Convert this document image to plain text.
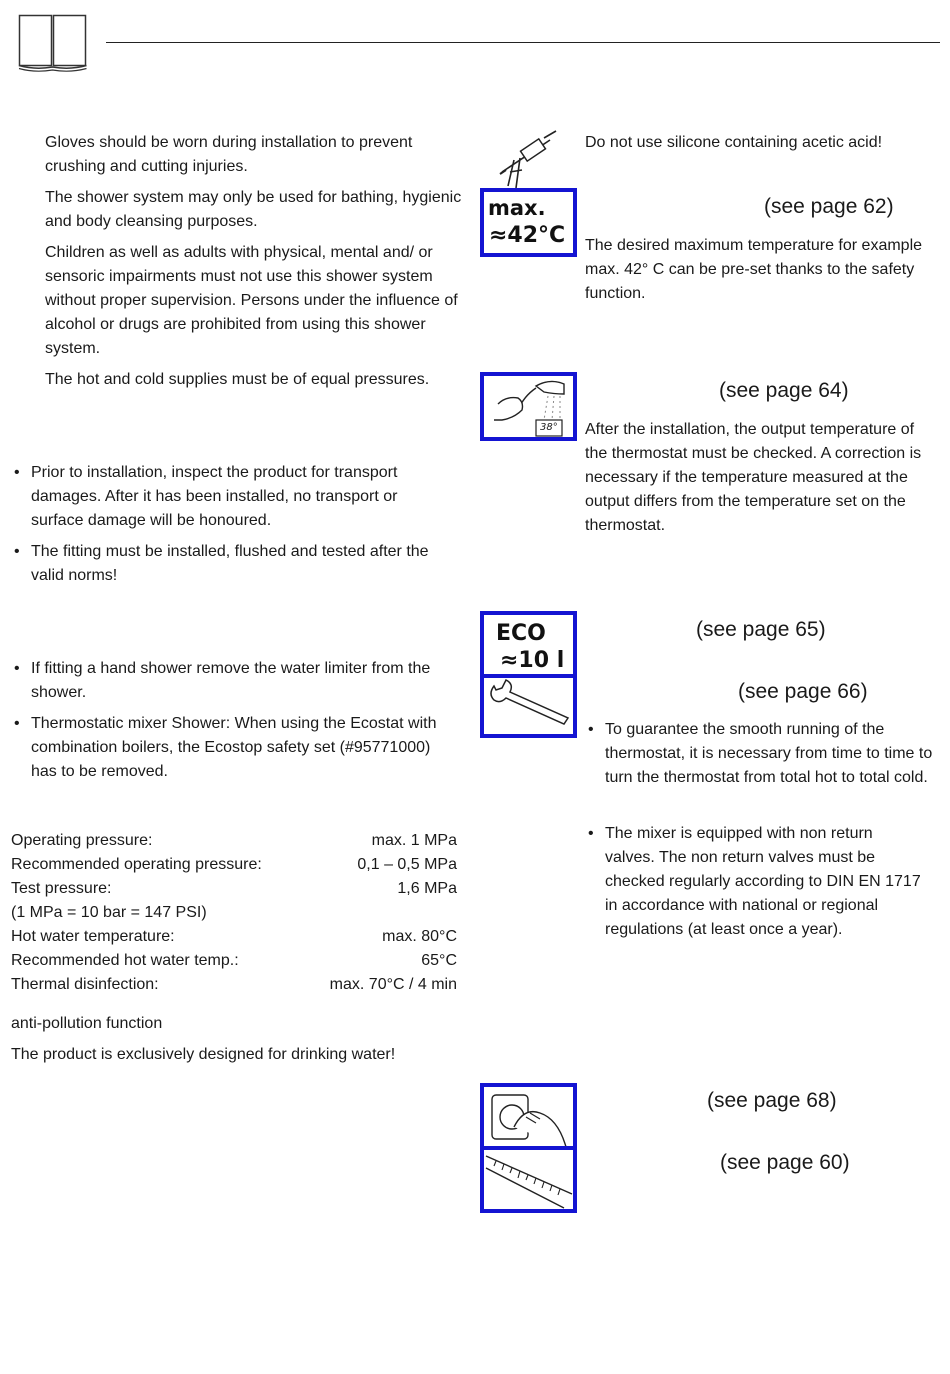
Gloves should be worn during installation to prevent crushing and cutting injuries.

The shower system may only be used for bathing, hygienic and body cleansing purposes.

Children as well as adults with physical, mental and/ or sensoric impairments must not use this shower system without proper supervision. Persons under the influence of alcohol or drugs are prohibited from using this shower system.

The hot and cold supplies must be of equal pressures.

• Prior to installation, inspect the product for transport damages. After it has been installed, no transport or surface damage will be honoured.

• The fitting must be installed, flushed and tested after the valid norms!

• If fitting a hand shower remove the water limiter from the shower.

• Thermostatic mixer Shower: When using the Ecostat with combination boilers, the Ecostop safety set (#95771000) has to be removed.

Operating pressure:	max. 1 MPa
Recommended operating pressure:	0,1 – 0,5 MPa
Test pressure:	1,6 MPa
(1 MPa = 10 bar = 147 PSI)
Hot water temperature:	max. 80°C
Recommended hot water temp.:	65°C
Thermal disinfection:	max. 70°C / 4 min

anti-pollution function

The product is exclusively designed for drinking water!

Do not use silicone containing acetic acid!

max.
≈42°C

(see page 62)

The desired maximum temperature for example max. 42° C can be pre-set thanks to the safety function.

38°

(see page 64)

After the installation, the output temperature of the thermostat must be checked. A correction is necessary if the temperature measured at the output differs from the temperature set on the thermostat.

ECO
≈10 l

(see page 65)

(see page 66)

• To guarantee the smooth running of the thermostat, it is necessary from time to time to turn the thermostat from total hot to total cold.

• The mixer is equipped with non return valves. The non return valves must be checked regularly according to DIN EN 1717 in accordance with national or regional regulations (at least once a year).

(see page 68)

(see page 60)
